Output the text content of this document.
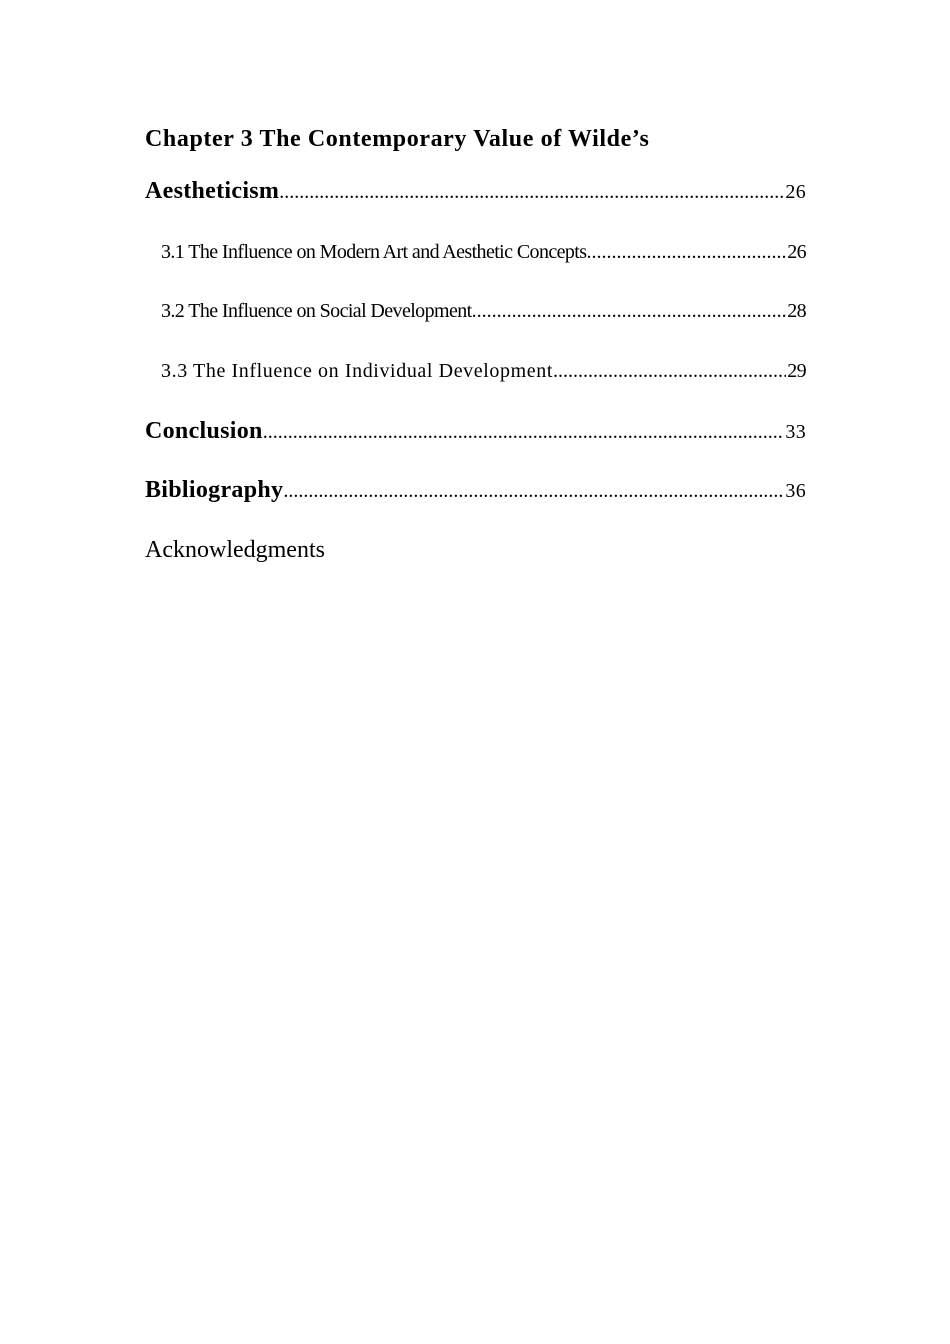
Chapter 3 The Contemporary Value of Wilde’s
Aestheticism .....	26
3.1 The Influence on Modern Art and Aesthetic Concepts .....	26
3.2 The Influence on Social Development .....	28
3.3 The Influence on Individual Development .....	29
Conclusion .....	33
Bibliography .....	36
Acknowledgments
